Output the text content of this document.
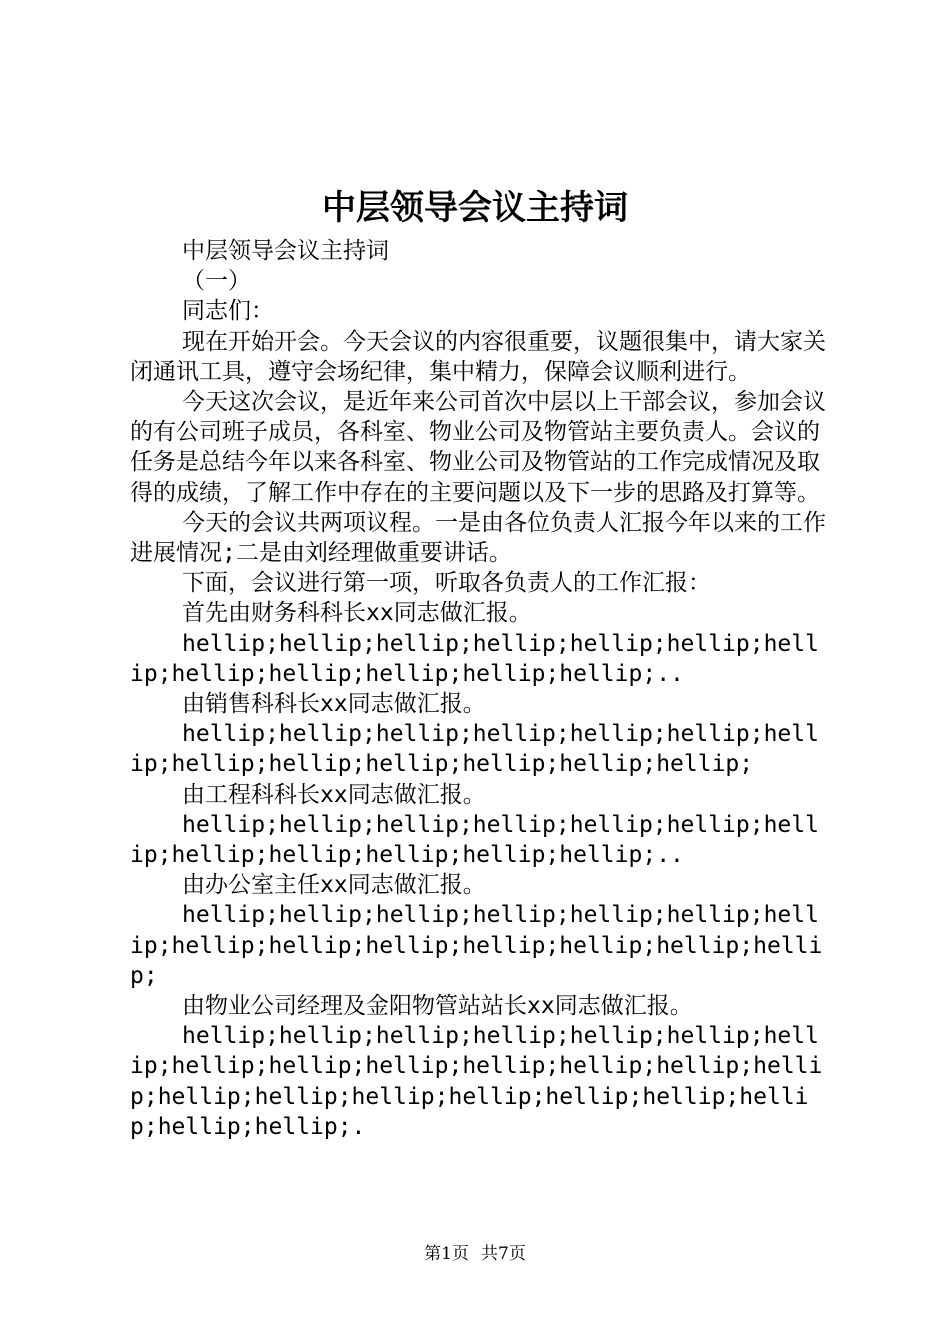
中层领导会议主持词

中层领导会议主持词

（一）

同志们：

现在开始开会。今天会议的内容很重要，议题很集中，请大家关闭通讯工具，遵守会场纪律，集中精力，保障会议顺利进行。

今天这次会议，是近年来公司首次中层以上干部会议，参加会议的有公司班子成员，各科室、物业公司及物管站主要负责人。会议的任务是总结今年以来各科室、物业公司及物管站的工作完成情况及取得的成绩，了解工作中存在的主要问题以及下一步的思路及打算等。

今天的会议共两项议程。一是由各位负责人汇报今年以来的工作进展情况;二是由刘经理做重要讲话。

下面，会议进行第一项，听取各负责人的工作汇报：

首先由财务科科长xx同志做汇报。

hellip;hellip;hellip;hellip;hellip;hellip;hellip;hellip;hellip;hellip;hellip;hellip;..

由销售科科长xx同志做汇报。

hellip;hellip;hellip;hellip;hellip;hellip;hellip;hellip;hellip;hellip;hellip;hellip;hellip;

由工程科科长xx同志做汇报。

hellip;hellip;hellip;hellip;hellip;hellip;hellip;hellip;hellip;hellip;hellip;hellip;..

由办公室主任xx同志做汇报。

hellip;hellip;hellip;hellip;hellip;hellip;hellip;hellip;hellip;hellip;hellip;hellip;hellip;hellip;

由物业公司经理及金阳物管站站长xx同志做汇报。

hellip;hellip;hellip;hellip;hellip;hellip;hellip;hellip;hellip;hellip;hellip;hellip;hellip;hellip;hellip;hellip;hellip;hellip;hellip;hellip;hellip;hellip;hellip;.

第1页 共7页
